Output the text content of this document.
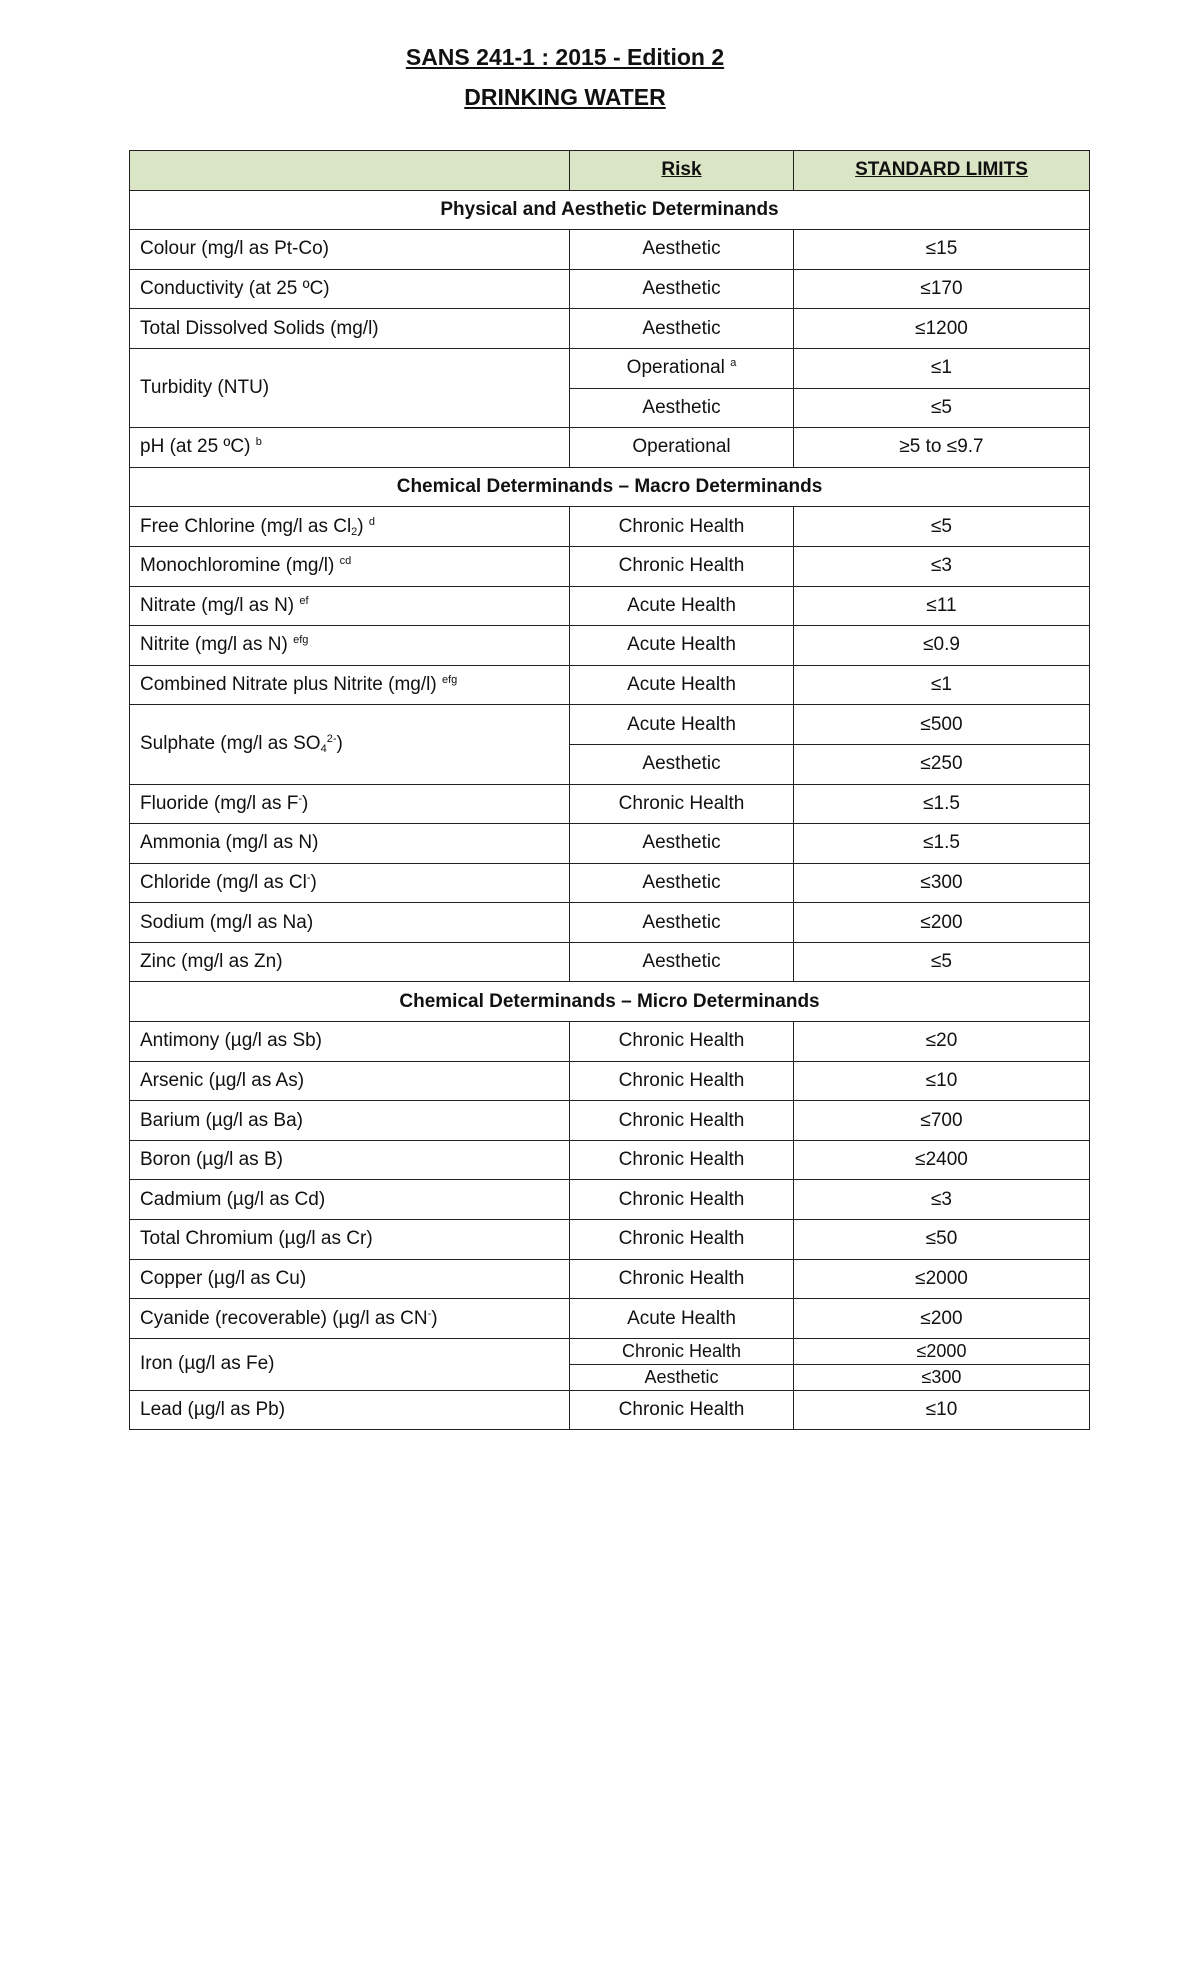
SANS 241-1 : 2015 - Edition 2
DRINKING WATER
	Risk	STANDARD LIMITS
Physical and Aesthetic Determinands		
Colour (mg/l as Pt-Co)	Aesthetic	≤15
Conductivity (at 25 ºC)	Aesthetic	≤170
Total Dissolved Solids (mg/l)	Aesthetic	≤1200
Turbidity (NTU)	Operational $^a$	≤1
	Aesthetic	≤5
pH (at 25 ºC) $^b$	Operational	≥5 to ≤9.7
Chemical Determinands – Macro Determinands		
Free Chlorine (mg/l as $Cl_2$) $^d$	Chronic Health	≤5
Monochloromine (mg/l) $^{cd}$	Chronic Health	≤3
Nitrate (mg/l as N) $^{ef}$	Acute Health	≤11
Nitrite (mg/l as N) $^{efg}$	Acute Health	≤0.9
Combined Nitrate plus Nitrite (mg/l) $^{efg}$	Acute Health	≤1
Sulphate (mg/l as $SO_4^{2-}$)	Acute Health	≤500
	Aesthetic	≤250
Fluoride (mg/l as F-)	Chronic Health	≤1.5
Ammonia (mg/l as N)	Aesthetic	≤1.5
Chloride (mg/l as Cl-)	Aesthetic	≤300
Sodium (mg/l as Na)	Aesthetic	≤200
Zinc (mg/l as Zn)	Aesthetic	≤5
Chemical Determinands – Micro Determinands		
Antimony (µg/l as Sb)	Chronic Health	≤20
Arsenic (µg/l as As)	Chronic Health	≤10
Barium (µg/l as Ba)	Chronic Health	≤700
Boron (µg/l as B)	Chronic Health	≤2400
Cadmium (µg/l as Cd)	Chronic Health	≤3
Total Chromium (µg/l as Cr)	Chronic Health	≤50
Copper (µg/l as Cu)	Chronic Health	≤2000
Cyanide (recoverable) (µg/l as CN-)	Acute Health	≤200
Iron (µg/l as Fe)	Chronic Health	≤2000
	Aesthetic	≤300
Lead (µg/l as Pb)	Chronic Health	≤10
